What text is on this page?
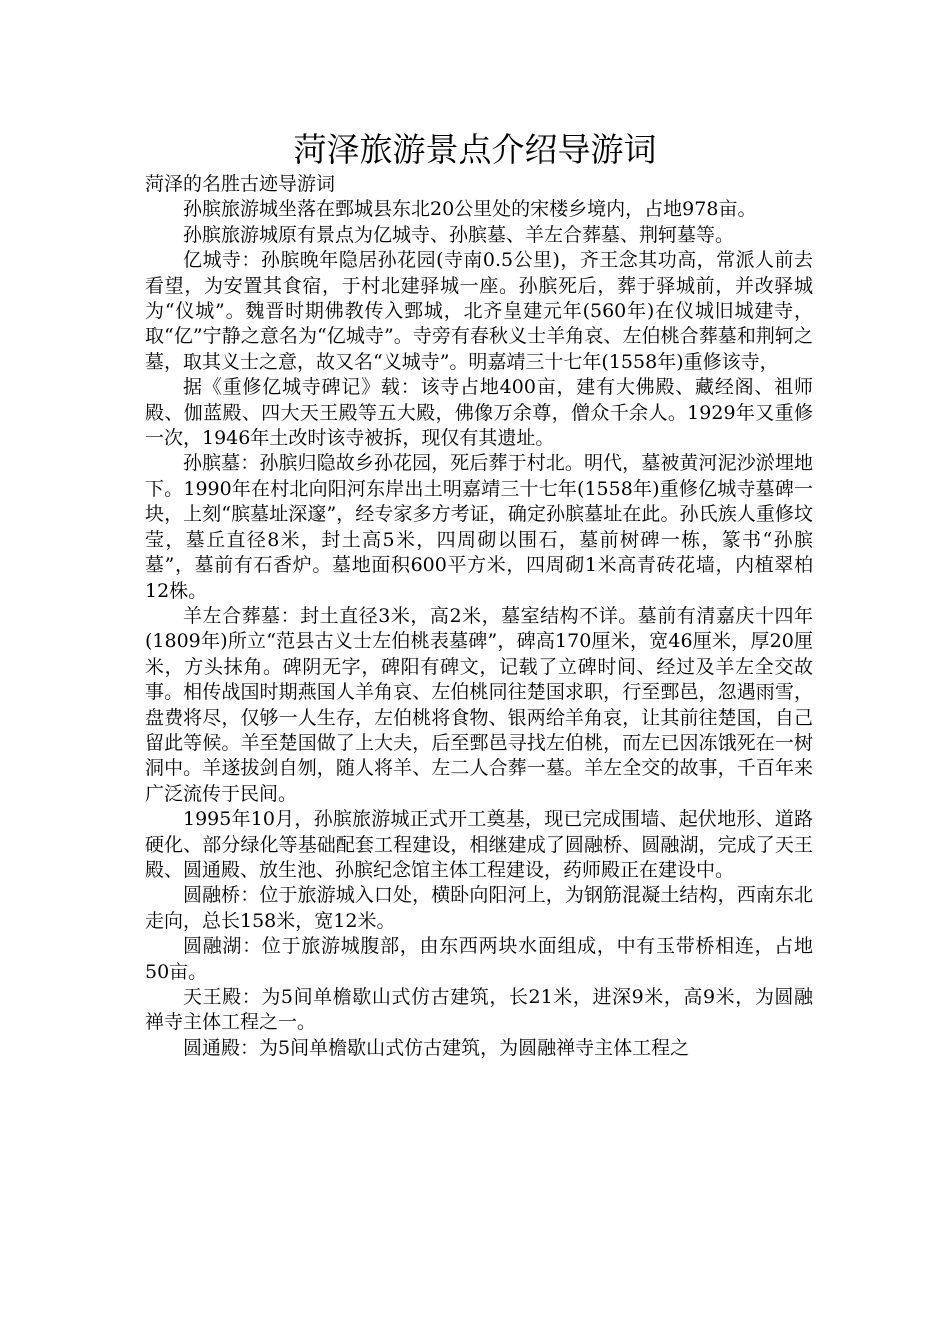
菏泽旅游景点介绍导游词

菏泽的名胜古迹导游词

孙膑旅游城坐落在鄄城县东北20公里处的宋楼乡境内，占地978亩。

孙膑旅游城原有景点为亿城寺、孙膑墓、羊左合葬墓、荆轲墓等。

亿城寺：孙膑晚年隐居孙花园(寺南0.5公里)，齐王念其功高，常派人前去看望，为安置其食宿，于村北建驿城一座。孙膑死后，葬于驿城前，并改驿城为“仪城”。魏晋时期佛教传入鄄城，北齐皇建元年(560年)在仪城旧城建寺，取“亿”宁静之意名为“亿城寺”。寺旁有春秋义士羊角哀、左伯桃合葬墓和荆轲之墓，取其义士之意，故又名“义城寺”。明嘉靖三十七年(1558年)重修该寺，

据《重修亿城寺碑记》载：该寺占地400亩，建有大佛殿、藏经阁、祖师殿、伽蓝殿、四大天王殿等五大殿，佛像万余尊，僧众千余人。1929年又重修一次，1946年土改时该寺被拆，现仅有其遗址。

孙膑墓：孙膑归隐故乡孙花园，死后葬于村北。明代，墓被黄河泥沙淤埋地下。1990年在村北向阳河东岸出土明嘉靖三十七年(1558年)重修亿城寺墓碑一块，上刻“膑墓址深邃”，经专家多方考证，确定孙膑墓址在此。孙氏族人重修坟莹，墓丘直径8米，封土高5米，四周砌以围石，墓前树碑一栋，篆书“孙膑墓”，墓前有石香炉。墓地面积600平方米，四周砌1米高青砖花墙，内植翠柏12株。

羊左合葬墓：封土直径3米，高2米，墓室结构不详。墓前有清嘉庆十四年(1809年)所立“范县古义士左伯桃表墓碑”，碑高170厘米，宽46厘米，厚20厘米，方头抹角。碑阴无字，碑阳有碑文，记载了立碑时间、经过及羊左全交故事。相传战国时期燕国人羊角哀、左伯桃同往楚国求职，行至鄄邑，忽遇雨雪，盘费将尽，仅够一人生存，左伯桃将食物、银两给羊角哀，让其前往楚国，自己留此等候。羊至楚国做了上大夫，后至鄄邑寻找左伯桃，而左已因冻饿死在一树洞中。羊遂拔剑自刎，随人将羊、左二人合葬一墓。羊左全交的故事，千百年来广泛流传于民间。

1995年10月，孙膑旅游城正式开工奠基，现已完成围墙、起伏地形、道路硬化、部分绿化等基础配套工程建设，相继建成了圆融桥、圆融湖，完成了天王殿、圆通殿、放生池、孙膑纪念馆主体工程建设，药师殿正在建设中。

圆融桥：位于旅游城入口处，横卧向阳河上，为钢筋混凝土结构，西南东北走向，总长158米，宽12米。

圆融湖：位于旅游城腹部，由东西两块水面组成，中有玉带桥相连，占地50亩。

天王殿：为5间单檐歇山式仿古建筑，长21米，进深9米，高9米，为圆融禅寺主体工程之一。

圆通殿：为5间单檐歇山式仿古建筑，为圆融禅寺主体工程之
